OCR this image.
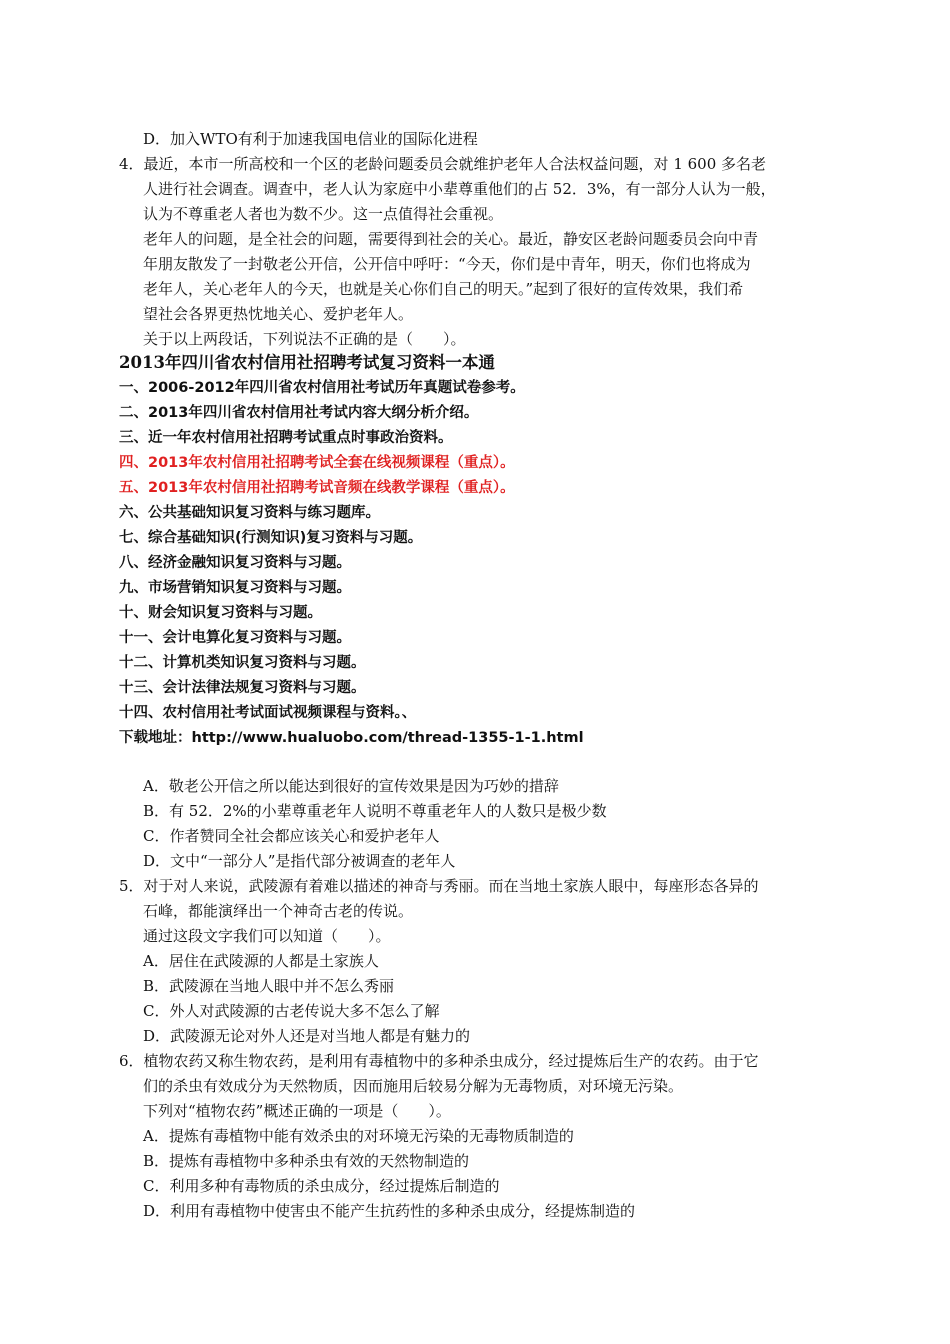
D．加入WTO有利于加速我国电信业的国际化进程
4．最近，本市一所高校和一个区的老龄问题委员会就维护老年人合法权益问题，对 1 600 多名老
人进行社会调查。调查中，老人认为家庭中小辈尊重他们的占 52．3%，有一部分人认为一般，
认为不尊重老人者也为数不少。这一点值得社会重视。
老年人的问题，是全社会的问题，需要得到社会的关心。最近，静安区老龄问题委员会向中青
年朋友散发了一封敬老公开信，公开信中呼吁：“今天，你们是中青年，明天，你们也将成为
老年人，关心老年人的今天，也就是关心你们自己的明天。”起到了很好的宣传效果，我们希
望社会各界更热忱地关心、爱护老年人。
关于以上两段话，下列说法不正确的是（　　）。
2013年四川省农村信用社招聘考试复习资料一本通
一、2006-2012年四川省农村信用社考试历年真题试卷参考。
二、2013年四川省农村信用社考试内容大纲分析介绍。
三、近一年农村信用社招聘考试重点时事政治资料。
四、2013年农村信用社招聘考试全套在线视频课程（重点）。
五、2013年农村信用社招聘考试音频在线教学课程（重点）。
六、公共基础知识复习资料与练习题库。
七、综合基础知识(行测知识)复习资料与习题。
八、经济金融知识复习资料与习题。
九、市场营销知识复习资料与习题。
十、财会知识复习资料与习题。
十一、会计电算化复习资料与习题。
十二、计算机类知识复习资料与习题。
十三、会计法律法规复习资料与习题。
十四、农村信用社考试面试视频课程与资料。、
下载地址：http://www.hualuobo.com/thread-1355-1-1.html
A．敬老公开信之所以能达到很好的宣传效果是因为巧妙的措辞
B．有 52．2%的小辈尊重老年人说明不尊重老年人的人数只是极少数
C．作者赞同全社会都应该关心和爱护老年人
D．文中“一部分人”是指代部分被调查的老年人
5．对于对人来说，武陵源有着难以描述的神奇与秀丽。而在当地土家族人眼中，每座形态各异的
石峰，都能演绎出一个神奇古老的传说。
通过这段文字我们可以知道（　　）。
A．居住在武陵源的人都是土家族人
B．武陵源在当地人眼中并不怎么秀丽
C．外人对武陵源的古老传说大多不怎么了解
D．武陵源无论对外人还是对当地人都是有魅力的
6．植物农药又称生物农药，是利用有毒植物中的多种杀虫成分，经过提炼后生产的农药。由于它
们的杀虫有效成分为天然物质，因而施用后较易分解为无毒物质，对环境无污染。
下列对“植物农药”概述正确的一项是（　　）。
A．提炼有毒植物中能有效杀虫的对环境无污染的无毒物质制造的
B．提炼有毒植物中多种杀虫有效的天然物制造的
C．利用多种有毒物质的杀虫成分，经过提炼后制造的
D．利用有毒植物中使害虫不能产生抗药性的多种杀虫成分，经提炼制造的
